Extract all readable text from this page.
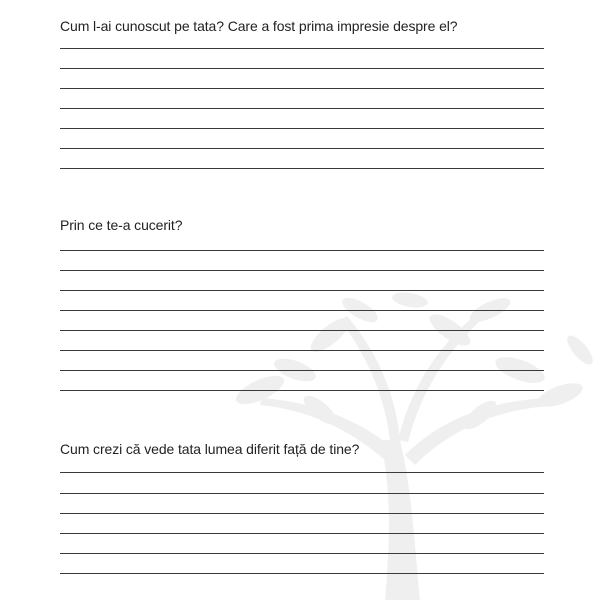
Cum l-ai cunoscut pe tata? Care a fost prima impresie despre el?
Prin ce te-a cucerit?
Cum crezi că vede tata lumea diferit față de tine?
